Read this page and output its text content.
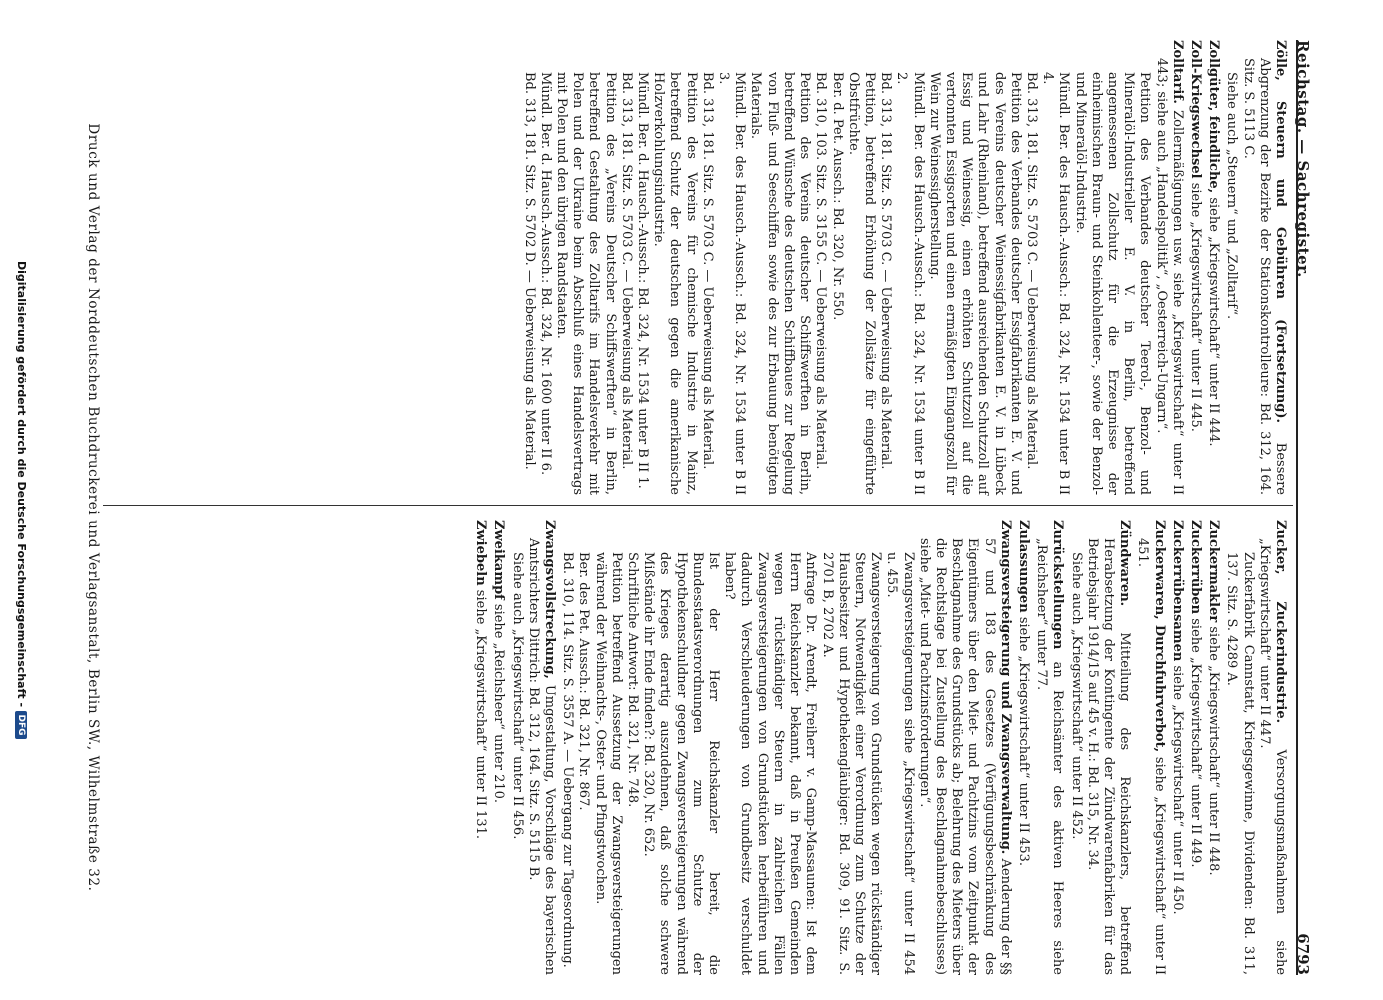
Reichstag. — Sachregister.
6793
Zölle, Steuern und Gebühren (Fortsetzung). Bessere Abgrenzung der Bezirke der Stationskontrolleure: Bd. 312, 164. Sitz. S. 5113 C.
Siehe auch „Steuern“ und „Zolltarif“.
Zollgüter, feindliche, siehe „Kriegswirtschaft“ unter II 444.
Zoll-Kriegswechsel siehe „Kriegswirtschaft“ unter II 445.
Zolltarif. Zollermäßigungen usw. siehe „Kriegswirtschaft“ unter II 443; siehe auch „Handelspolitik“, „Oesterreich-Ungarn“.
Petition des Verbandes deutscher Teerol-, Benzol- und Mineralöl-Industrieller E. V. in Berlin, betreffend angemessenen Zollschutz für die Erzeugnisse der einheimischen Braun- und Steinkohlenteer-, sowie der Benzol- und Mineralöl-Industrie.
Mündl. Ber. des Hausch.-Aussch.: Bd. 324, Nr. 1534 unter B II 4.
Bd. 313, 181. Sitz. S. 5703 C. — Ueberweisung als Material.
Petition des Verbandes deutscher Essigfabrikanten E. V. und des Vereins deutscher Weinessigfabrikanten E. V. in Lübeck und Lahr (Rheinland), betreffend ausreichenden Schutzzoll auf Essig und Weinessig, einen erhöhten Schutzzoll auf die vertonnten Essigsorten und einen ermäßigten Eingangszoll für Wein zur Weinessigherstellung.
Mündl. Ber. des Hausch.-Aussch.: Bd. 324, Nr. 1534 unter B II 2.
Bd. 313, 181. Sitz. S. 5703 C. — Ueberweisung als Material.
Petition, betreffend Erhöhung der Zollsätze für eingeführte Obstfrüchte.
Ber. d. Pet. Aussch.: Bd. 320, Nr. 550.
Bd. 310, 103. Sitz. S. 3155 C. — Ueberweisung als Material.
Petition des Vereins deutscher Schiffswerften in Berlin, betreffend Wünsche des deutschen Schiffbaues zur Regelung von Fluß- und Seeschiffen sowie des zur Erbauung benötigten Materials.
Mündl. Ber. des Hausch.-Aussch.: Bd. 324, Nr. 1534 unter B II 3.
Bd. 313, 181. Sitz. S. 5703 C. — Ueberweisung als Material.
Petition des Vereins für chemische Industrie in Mainz, betreffend Schutz der deutschen gegen die amerikanische Holzverkohlungsindustrie.
Mündl. Ber. d. Hausch.-Aussch.: Bd. 324, Nr. 1534 unter B II 1.
Bd. 313, 181. Sitz. S. 5703 C. — Ueberweisung als Material.
Petition des „Vereins Deutscher Schiffswerften“ in Berlin, betreffend Gestaltung des Zolltarifs im Handelsverkehr mit Polen und der Ukraine beim Abschluß eines Handelsvertrags mit Polen und den übrigen Randstaaten.
Mündl. Ber. d. Hausch.-Aussch.: Bd. 324, Nr. 1600 unter II 6.
Bd. 313, 181. Sitz. S. 5702 D. — Ueberweisung als Material.
Zucker, Zuckerindustrie. Versorgungsmaßnahmen siehe „Kriegswirtschaft“ unter II 447.
Zuckerfabrik Cannstatt, Kriegsgewinne, Dividenden: Bd. 311, 137. Sitz. S. 4289 A.
Zuckermakler siehe „Kriegswirtschaft“ unter II 448.
Zuckerrüben siehe „Kriegswirtschaft“ unter II 449.
Zuckerrübensamen siehe „Kriegswirtschaft“ unter II 450.
Zuckerwaren, Durchfuhrverbot, siehe „Kriegswirtschaft“ unter II 451.
Zündwaren. Mitteilung des Reichskanzlers, betreffend Herabsetzung der Kontingente der Zündwarenfabriken für das Betriebsjahr 1914/15 auf 45 v. H.: Bd. 315, Nr. 34.
Siehe auch „Kriegswirtschaft“ unter II 452.
Zurückstellungen an Reichsämter des aktiven Heeres siehe „Reichsheer“ unter 77.
Zulassungen siehe „Kriegswirtschaft“ unter II 453.
Zwangsversteigerung und Zwangsverwaltung. Aenderung der §§ 57 und 183 des Gesetzes (Verfügungsbeschränkung des Eigentümers über den Miet- und Pachtzins vom Zeitpunkt der Beschlagnahme des Grundstücks ab; Belehrung des Mieters über die Rechtslage bei Zustellung des Beschlagnahmebeschlusses) siehe „Miet- und Pachtzinsforderungen“.
Zwangsversteigerungen siehe „Kriegswirtschaft“ unter II 454 u. 455.
Zwangsversteigerung von Grundstücken wegen rückständiger Steuern, Notwendigkeit einer Verordnung zum Schutze der Hausbesitzer und Hypothekengläubiger: Bd. 309, 91. Sitz. S. 2701 B, 2702 A.
Anfrage Dr. Arendt, Freiherr v. Gamp-Massaunen: Ist dem Herrn Reichskanzler bekannt, daß in Preußen Gemeinden wegen rückständiger Steuern in zahlreichen Fällen Zwangsversteigerungen von Grundstücken herbeiführen und dadurch Verschleuderungen von Grundbesitz verschuldet haben?
Ist der Herr Reichskanzler bereit, die Bundesstaatsverordnungen zum Schutze der Hypothekenschuldner gegen Zwangsversteigerungen während des Krieges derartig auszudehnen, daß solche schwere Mißstände ihr Ende finden?: Bd. 320, Nr. 652.
Schriftliche Antwort: Bd. 321, Nr. 748.
Petition betreffend Aussetzung der Zwangsversteigerungen während der Weihnachts-, Oster- und Pfingstwochen.
Ber. des Pet. Aussch.: Bd. 321, Nr. 867.
Bd. 310, 114. Sitz. S. 3557 A. — Uebergang zur Tagesordnung.
Zwangsvollstreckung, Umgestaltung, Vorschläge des bayerischen Amtsrichters Dittrich: Bd. 312, 164. Sitz. S. 5115 B.
Siehe auch „Kriegswirtschaft“ unter II 456.
Zweikampf siehe „Reichsheer“ unter 210.
Zwiebeln siehe „Kriegswirtschaft“ unter II 131.
Druck und Verlag der Norddeutschen Buchdruckerei und Verlagsanstalt, Berlin SW., Wilhelmstraße 32.
Digitalisierung gefördert durch die Deutsche Forschungsgemeinschaft -DFG
